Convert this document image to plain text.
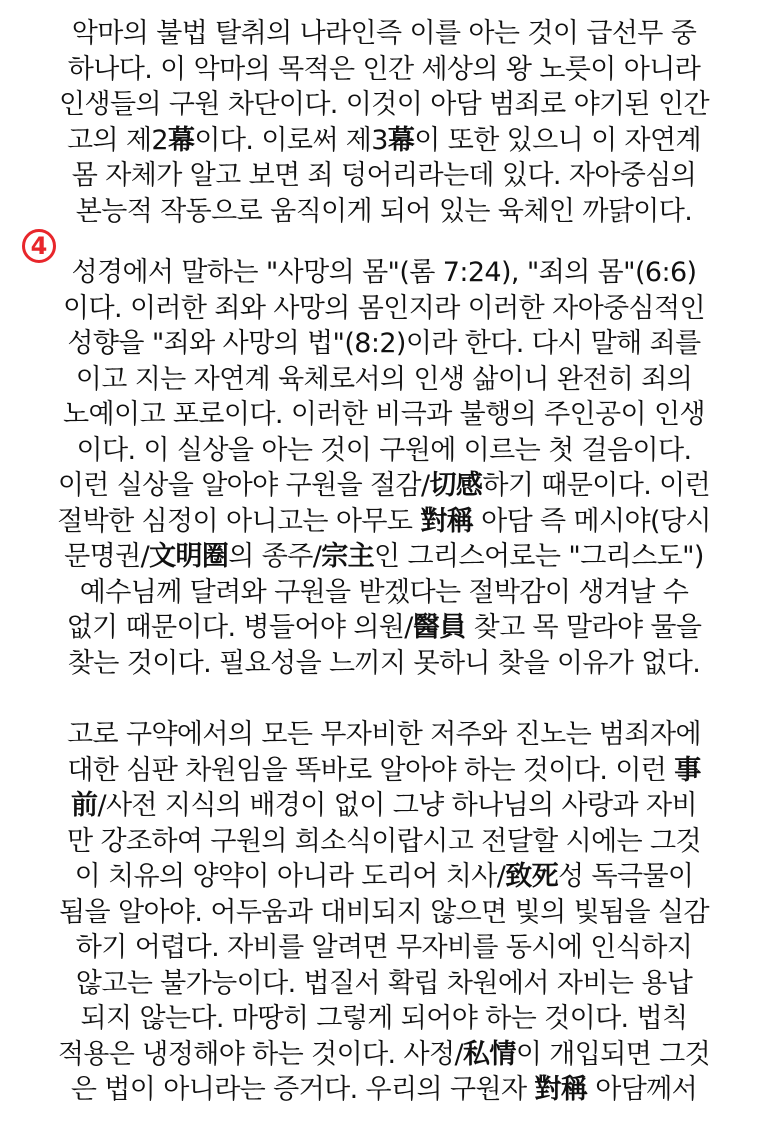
악마의 불법 탈취의 나라인즉 이를 아는 것이 급선무 중
하나다. 이 악마의 목적은 인간 세상의 왕 노릇이 아니라
인생들의 구원 차단이다. 이것이 아담 범죄로 야기된 인간
고의 제2幕이다. 이로써 제3幕이 또한 있으니 이 자연계
몸 자체가 알고 보면 죄 덩어리라는데 있다. 자아중심의
본능적 작동으로 움직이게 되어 있는 육체인 까닭이다.
4
성경에서 말하는 "사망의 몸"(롬 7:24), "죄의 몸"(6:6)
이다. 이러한 죄와 사망의 몸인지라 이러한 자아중심적인
성향을 "죄와 사망의 법"(8:2)이라 한다. 다시 말해 죄를
이고 지는 자연계 육체로서의 인생 삶이니 완전히 죄의
노예이고 포로이다. 이러한 비극과 불행의 주인공이 인생
이다. 이 실상을 아는 것이 구원에 이르는 첫 걸음이다.
이런 실상을 알아야 구원을 절감/切感하기 때문이다. 이런
절박한 심정이 아니고는 아무도 對稱 아담 즉 메시야(당시
문명권/文明圈의 종주/宗主인 그리스어로는 "그리스도")
예수님께 달려와 구원을 받겠다는 절박감이 생겨날 수
없기 때문이다. 병들어야 의원/醫員 찾고 목 말라야 물을
찾는 것이다. 필요성을 느끼지 못하니 찾을 이유가 없다.
고로 구약에서의 모든 무자비한 저주와 진노는 범죄자에
대한 심판 차원임을 똑바로 알아야 하는 것이다. 이런 事
前/사전 지식의 배경이 없이 그냥 하나님의 사랑과 자비
만 강조하여 구원의 희소식이랍시고 전달할 시에는 그것
이 치유의 양약이 아니라 도리어 치사/致死성 독극물이
됨을 알아야. 어두움과 대비되지 않으면 빛의 빛됨을 실감
하기 어렵다. 자비를 알려면 무자비를 동시에 인식하지
않고는 불가능이다. 법질서 확립 차원에서 자비는 용납
되지 않는다. 마땅히 그렇게 되어야 하는 것이다. 법칙
적용은 냉정해야 하는 것이다. 사정/私情이 개입되면 그것
은 법이 아니라는 증거다. 우리의 구원자 對稱 아담께서
